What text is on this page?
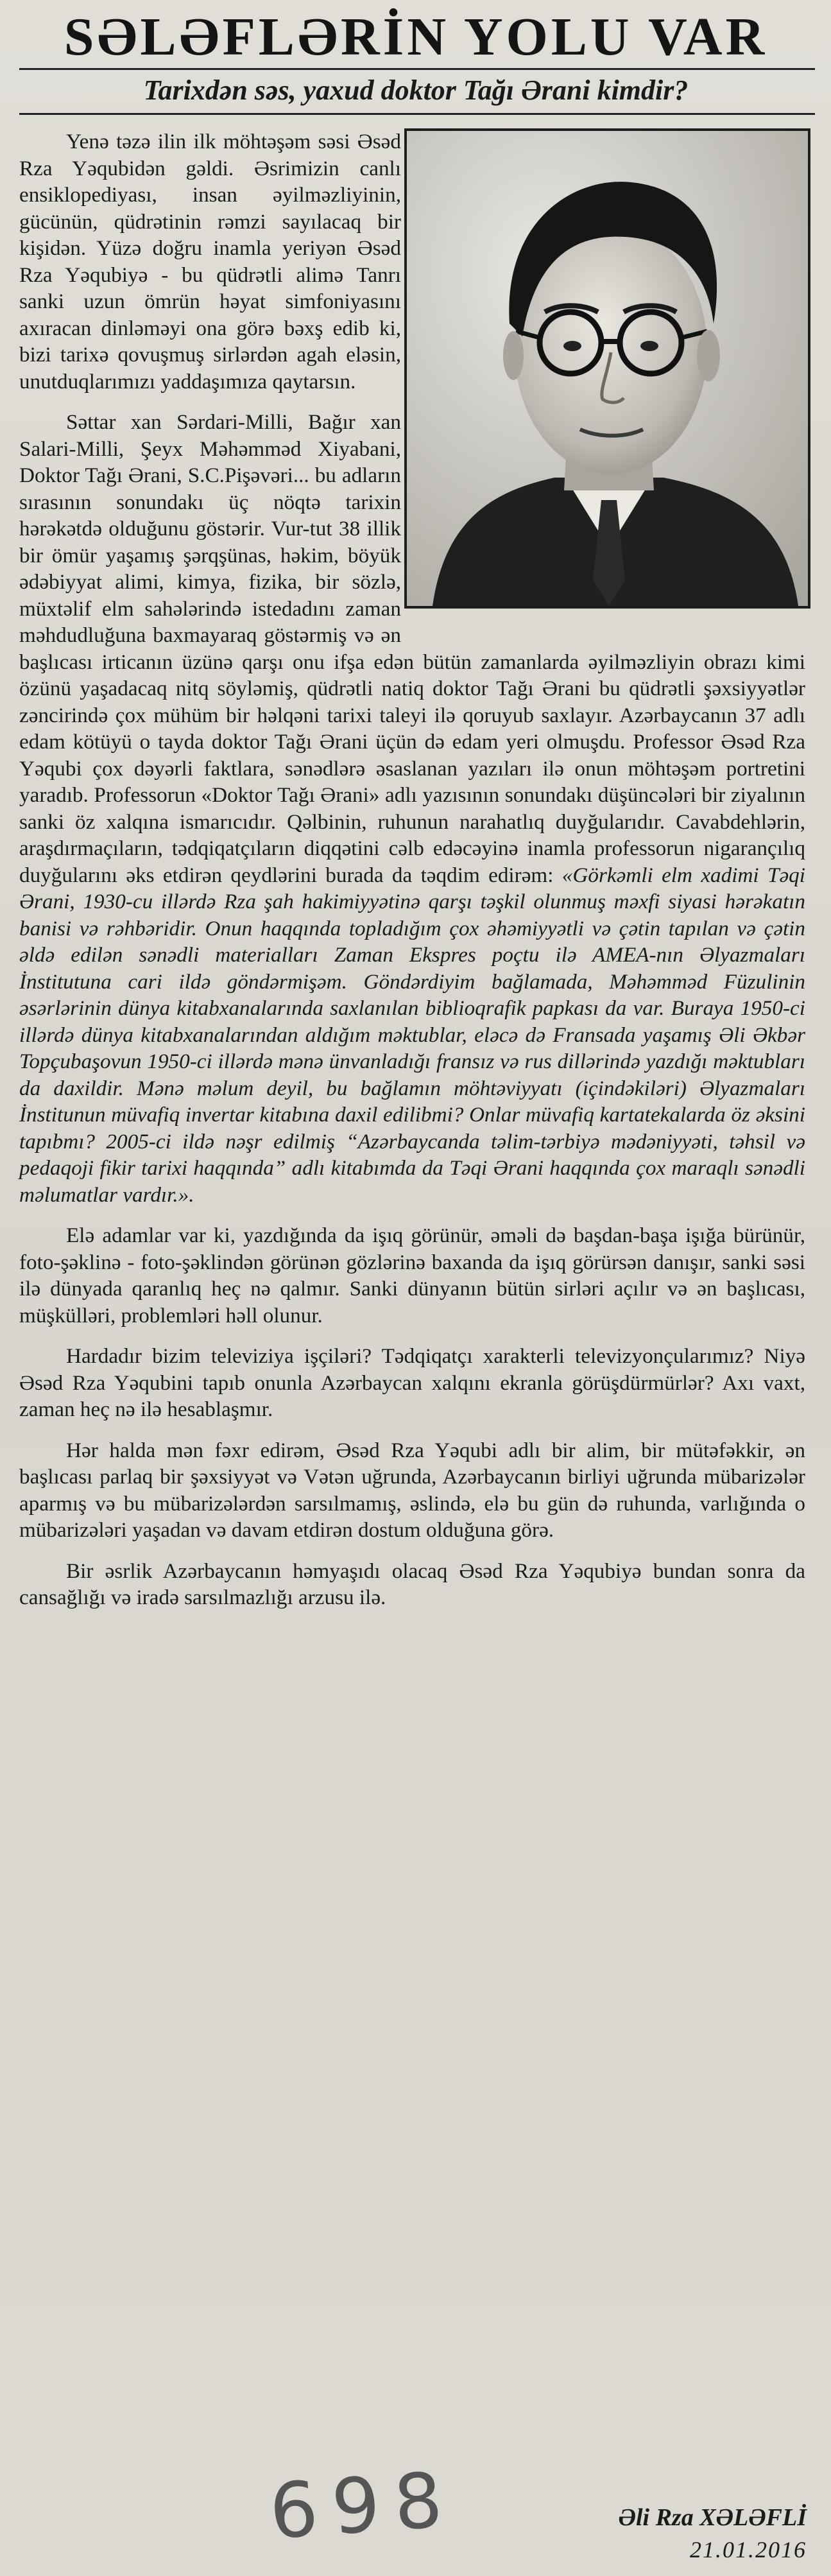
SƏLƏFLƏRİN YOLU VAR
Tarixdən səs, yaxud doktor Tağı Ərani kimdir?

Yenə təzə ilin ilk möhtəşəm səsi Əsəd Rza Yəqubidən gəldi. Əsrimizin canlı ensiklopediyası, insan əyilməzliyinin, gücünün, qüdrətinin rəmzi sayılacaq bir kişidən. Yüzə doğru inamla yeriyən Əsəd Rza Yəqubiyə - bu qüdrətli alimə Tanrı sanki uzun ömrün həyat simfoniyasını axıracan dinləməyi ona görə bəxş edib ki, bizi tarixə qovuşmuş sirlərdən agah eləsin, unutduqlarımızı yaddaşımıza qaytarsın.

Səttar xan Sərdari-Milli, Bağır xan Salari-Milli, Şeyx Məhəmməd Xiyabani, Doktor Tağı Ərani, S.C.Pişəvəri... bu adların sırasının sonundakı üç nöqtə tarixin hərəkətdə olduğunu göstərir. Vur-tut 38 illik bir ömür yaşamış şərqşünas, həkim, böyük ədəbiyyat alimi, kimya, fizika, bir sözlə, müxtəlif elm sahələrində istedadını zaman məhdudluğuna baxmayaraq göstərmiş və ən başlıcası irticanın üzünə qarşı onu ifşa edən bütün zamanlarda əyilməzliyin obrazı kimi özünü yaşadacaq nitq söyləmiş, qüdrətli natiq doktor Tağı Ərani bu qüdrətli şəxsiyyətlər zəncirində çox mühüm bir həlqəni tarixi taleyi ilə qoruyub saxlayır. Azərbaycanın 37 adlı edam kötüyü o tayda doktor Tağı Ərani üçün də edam yeri olmuşdu. Professor Əsəd Rza Yəqubi çox dəyərli faktlara, sənədlərə əsaslanan yazıları ilə onun möhtəşəm portretini yaradıb. Professorun «Doktor Tağı Ərani» adlı yazısının sonundakı düşüncələri bir ziyalının sanki öz xalqına ismarıcıdır. Qəlbinin, ruhunun narahatlıq duyğularıdır. Cavabdehlərin, araşdırmaçıların, tədqiqatçıların diqqətini cəlb edəcəyinə inamla professorun nigarançılıq duyğularını əks etdirən qeydlərini burada da təqdim edirəm: «Görkəmli elm xadimi Təqi Ərani, 1930-cu illərdə Rza şah hakimiyyətinə qarşı təşkil olunmuş məxfi siyasi hərəkatın banisi və rəhbəridir. Onun haqqında topladığım çox əhəmiyyətli və çətin tapılan və çətin əldə edilən sənədli materialları Zaman Ekspres poçtu ilə AMEA-nın Əlyazmaları İnstitutuna cari ildə göndərmişəm. Göndərdiyim bağlamada, Məhəmməd Füzulinin əsərlərinin dünya kitabxanalarında saxlanılan biblioqrafik papkası da var. Buraya 1950-ci illərdə dünya kitabxanalarından aldığım məktublar, eləcə də Fransada yaşamış Əli Əkbər Topçubaşovun 1950-ci illərdə mənə ünvanladığı fransız və rus dillərində yazdığı məktubları da daxildir. Mənə məlum deyil, bu bağlamın möhtəviyyatı (içindəkiləri) Əlyazmaları İnstitunun müvafiq invertar kitabına daxil edilibmi? Onlar müvafiq kartatekalarda öz əksini tapıbmı? 2005-ci ildə nəşr edilmiş “Azərbaycanda təlim-tərbiyə mədəniyyəti, təhsil və pedaqoji fikir tarixi haqqında” adlı kitabımda da Təqi Ərani haqqında çox maraqlı sənədli məlumatlar vardır.».

Elə adamlar var ki, yazdığında da işıq görünür, əməli də başdan-başa işığa bürünür, foto-şəklinə - foto-şəklindən görünən gözlərinə baxanda da işıq görürsən danışır, sanki səsi ilə dünyada qaranlıq heç nə qalmır. Sanki dünyanın bütün sirləri açılır və ən başlıcası, müşkülləri, problemləri həll olunur.

Hardadır bizim televiziya işçiləri? Tədqiqatçı xarakterli televizyonçularımız? Niyə Əsəd Rza Yəqubini tapıb onunla Azərbaycan xalqını ekranla görüşdürmürlər? Axı vaxt, zaman heç nə ilə hesablaşmır.

Hər halda mən fəxr edirəm, Əsəd Rza Yəqubi adlı bir alim, bir mütəfəkkir, ən başlıcası parlaq bir şəxsiyyət və Vətən uğrunda, Azərbaycanın birliyi uğrunda mübarizələr aparmış və bu mübarizələrdən sarsılmamış, əslində, elə bu gün də ruhunda, varlığında o mübarizələri yaşadan və davam etdirən dostum olduğuna görə.

Bir əsrlik Azərbaycanın həmyaşıdı olacaq Əsəd Rza Yəqubiyə bundan sonra da cansağlığı və iradə sarsılmazlığı arzusu ilə.

698	Əli Rza XƏLƏFLİ
21.01.2016
